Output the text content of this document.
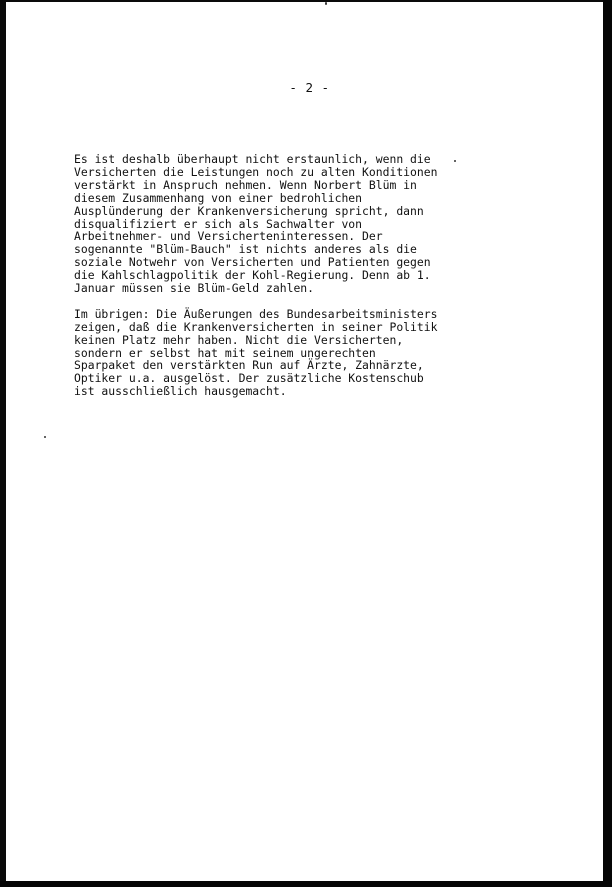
- 2 -

Es ist deshalb überhaupt nicht erstaunlich, wenn die
Versicherten die Leistungen noch zu alten Konditionen
verstärkt in Anspruch nehmen. Wenn Norbert Blüm in
diesem Zusammenhang von einer bedrohlichen
Ausplünderung der Krankenversicherung spricht, dann
disqualifiziert er sich als Sachwalter von
Arbeitnehmer- und Versicherteninteressen. Der
sogenannte "Blüm-Bauch" ist nichts anderes als die
soziale Notwehr von Versicherten und Patienten gegen
die Kahlschlagpolitik der Kohl-Regierung. Denn ab 1.
Januar müssen sie Blüm-Geld zahlen.

Im übrigen: Die Äußerungen des Bundesarbeitsministers
zeigen, daß die Krankenversicherten in seiner Politik
keinen Platz mehr haben. Nicht die Versicherten,
sondern er selbst hat mit seinem ungerechten
Sparpaket den verstärkten Run auf Ärzte, Zahnärzte,
Optiker u.a. ausgelöst. Der zusätzliche Kostenschub
ist ausschließlich hausgemacht.
